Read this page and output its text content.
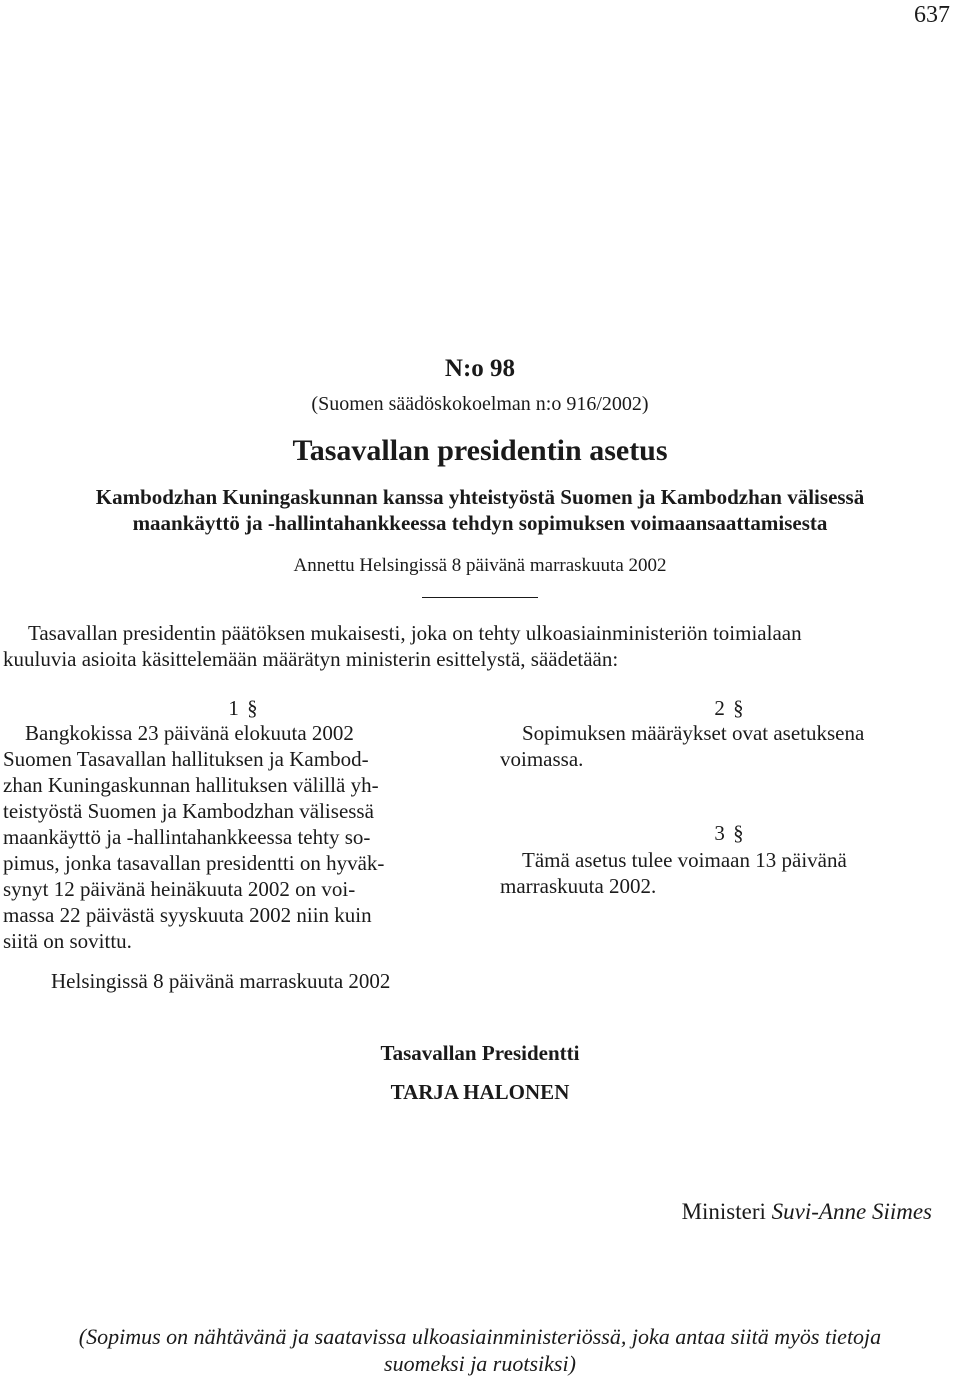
637
N:o 98
(Suomen säädöskokoelman n:o 916/2002)
Tasavallan presidentin asetus
Kambodzhan Kuningaskunnan kanssa yhteistyöstä Suomen ja Kambodzhan välisessä
maankäyttö ja -hallintahankkeessa tehdyn sopimuksen voimaansaattamisesta
Annettu Helsingissä 8 päivänä marraskuuta 2002
Tasavallan presidentin päätöksen mukaisesti, joka on tehty ulkoasiainministeriön toimialaan
kuuluvia asioita käsittelemään määrätyn ministerin esittelystä, säädetään:
1 §
Bangkokissa 23 päivänä elokuuta 2002
Suomen Tasavallan hallituksen ja Kambod-
zhan Kuningaskunnan hallituksen välillä yh-
teistyöstä Suomen ja Kambodzhan välisessä
maankäyttö ja -hallintahankkeessa tehty so-
pimus, jonka tasavallan presidentti on hyväk-
synyt 12 päivänä heinäkuuta 2002 on voi-
massa 22 päivästä syyskuuta 2002 niin kuin
siitä on sovittu.
2 §
Sopimuksen määräykset ovat asetuksena
voimassa.
3 §
Tämä asetus tulee voimaan 13 päivänä
marraskuuta 2002.
Helsingissä 8 päivänä marraskuuta 2002
Tasavallan Presidentti
TARJA HALONEN
Ministeri Suvi-Anne Siimes
(Sopimus on nähtävänä ja saatavissa ulkoasiainministeriössä, joka antaa siitä myös tietoja
suomeksi ja ruotsiksi)
